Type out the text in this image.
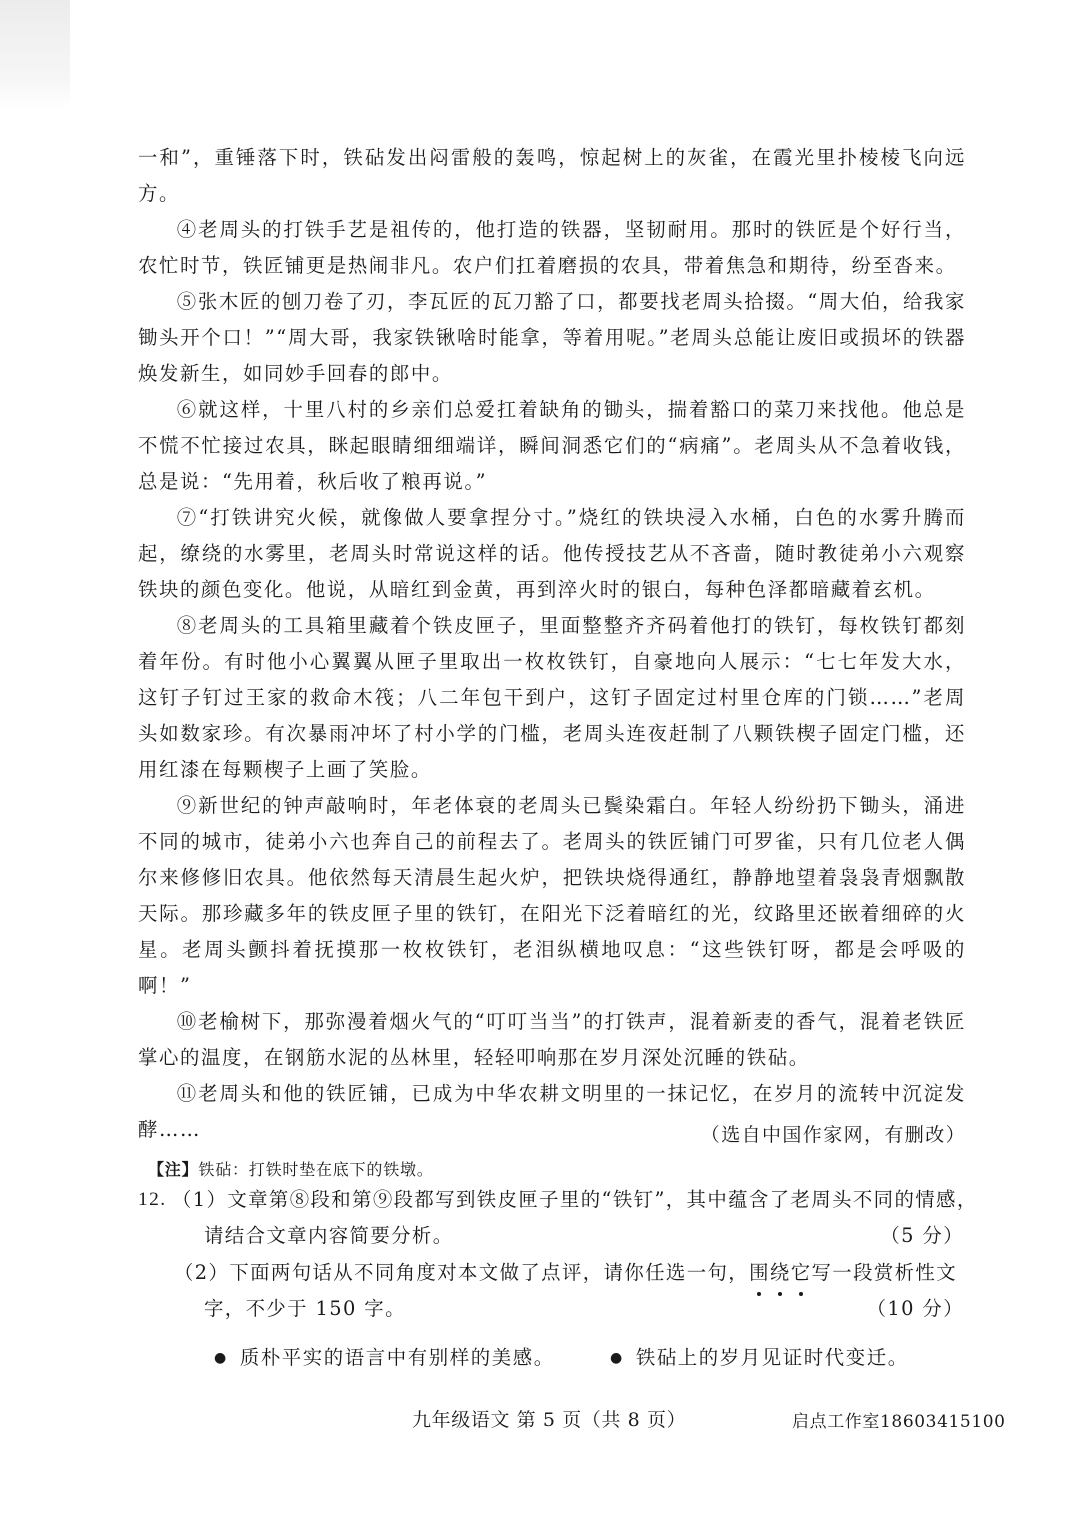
一和”，重锤落下时，铁砧发出闷雷般的轰鸣，惊起树上的灰雀，在霞光里扑棱棱飞向远方。

④老周头的打铁手艺是祖传的，他打造的铁器，坚韧耐用。那时的铁匠是个好行当，农忙时节，铁匠铺更是热闹非凡。农户们扛着磨损的农具，带着焦急和期待，纷至沓来。

⑤张木匠的刨刀卷了刃，李瓦匠的瓦刀豁了口，都要找老周头拾掇。“周大伯，给我家锄头开个口！”“周大哥，我家铁锹啥时能拿，等着用呢。”老周头总能让废旧或损坏的铁器焕发新生，如同妙手回春的郎中。

⑥就这样，十里八村的乡亲们总爱扛着缺角的锄头，揣着豁口的菜刀来找他。他总是不慌不忙接过农具，眯起眼睛细细端详，瞬间洞悉它们的“病痛”。老周头从不急着收钱，总是说：“先用着，秋后收了粮再说。”

⑦“打铁讲究火候，就像做人要拿捏分寸。”烧红的铁块浸入水桶，白色的水雾升腾而起，缭绕的水雾里，老周头时常说这样的话。他传授技艺从不吝啬，随时教徒弟小六观察铁块的颜色变化。他说，从暗红到金黄，再到淬火时的银白，每种色泽都暗藏着玄机。

⑧老周头的工具箱里藏着个铁皮匣子，里面整整齐齐码着他打的铁钉，每枚铁钉都刻着年份。有时他小心翼翼从匣子里取出一枚枚铁钉，自豪地向人展示：“七七年发大水，这钉子钉过王家的救命木筏；八二年包干到户，这钉子固定过村里仓库的门锁……”老周头如数家珍。有次暴雨冲坏了村小学的门槛，老周头连夜赶制了八颗铁楔子固定门槛，还用红漆在每颗楔子上画了笑脸。

⑨新世纪的钟声敲响时，年老体衰的老周头已鬓染霜白。年轻人纷纷扔下锄头，涌进不同的城市，徒弟小六也奔自己的前程去了。老周头的铁匠铺门可罗雀，只有几位老人偶尔来修修旧农具。他依然每天清晨生起火炉，把铁块烧得通红，静静地望着袅袅青烟飘散天际。那珍藏多年的铁皮匣子里的铁钉，在阳光下泛着暗红的光，纹路里还嵌着细碎的火星。老周头颤抖着抚摸那一枚枚铁钉，老泪纵横地叹息：“这些铁钉呀，都是会呼吸的啊！”

⑩老榆树下，那弥漫着烟火气的“叮叮当当”的打铁声，混着新麦的香气，混着老铁匠掌心的温度，在钢筋水泥的丛林里，轻轻叩响那在岁月深处沉睡的铁砧。

⑪老周头和他的铁匠铺，已成为中华农耕文明里的一抹记忆，在岁月的流转中沉淀发酵……	（选自中国作家网，有删改）
【注】铁砧：打铁时垫在底下的铁墩。
12. （1）文章第⑧段和第⑨段都写到铁皮匣子里的“铁钉”，其中蕴含了老周头不同的情感，
请结合文章内容简要分析。	（5 分）
（2）下面两句话从不同角度对本文做了点评，请你任选一句，围绕它写一段赏析性文
字，不少于 150 字。	（10 分）
● 质朴平实的语言中有别样的美感。	● 铁砧上的岁月见证时代变迁。
九年级语文 第 5 页（共 8 页）	启点工作室18603415100
